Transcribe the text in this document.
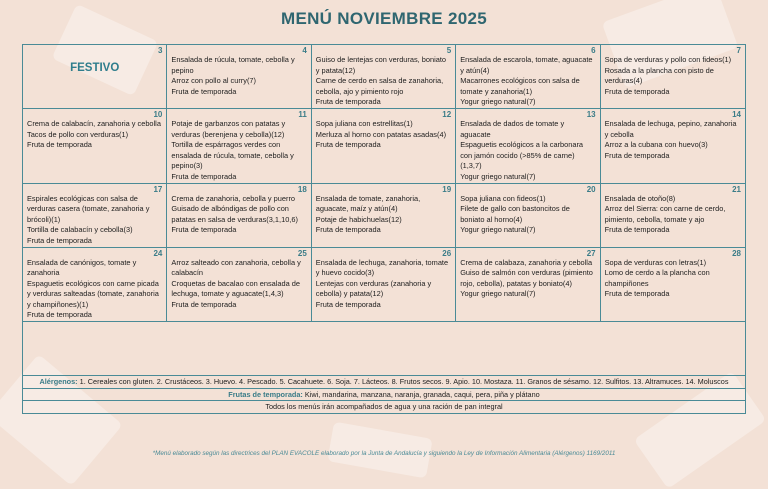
MENÚ NOVIEMBRE 2025
3
FESTIVO
4
Ensalada de rúcula, tomate, cebolla y pepino
Arroz con pollo al curry(7)
Fruta de temporada
5
Guiso de lentejas con verduras, boniato y patata(12)
Carne de cerdo en salsa de zanahoria, cebolla, ajo y pimiento rojo
Fruta de temporada
6
Ensalada de escarola, tomate, aguacate y atún(4)
Macarrones ecológicos con salsa de tomate y zanahoria(1)
Yogur griego natural(7)
7
Sopa de verduras y pollo con fideos(1)
Rosada a la plancha con pisto de verduras(4)
Fruta de temporada
10
Crema de calabacín, zanahoria y cebolla
Tacos de pollo con verduras(1)
Fruta de temporada
11
Potaje de garbanzos con patatas y verduras (berenjena y cebolla)(12)
Tortilla de espárragos verdes con ensalada de rúcula, tomate, cebolla y pepino(3)
Fruta de temporada
12
Sopa juliana con estrellitas(1)
Merluza al horno con patatas asadas(4)
Fruta de temporada
13
Ensalada de dados de tomate y aguacate
Espaguetis ecológicos a la carbonara con jamón cocido (>85% de carne)(1,3,7)
Yogur griego natural(7)
14
Ensalada de lechuga, pepino, zanahoria y cebolla
Arroz a la cubana con huevo(3)
Fruta de temporada
17
Espirales ecológicas con salsa de verduras casera (tomate, zanahoria y brócoli)(1)
Tortilla de calabacín y cebolla(3)
Fruta de temporada
18
Crema de zanahoria, cebolla y puerro
Guisado de albóndigas de pollo con patatas en salsa de verduras(3,1,10,6)
Fruta de temporada
19
Ensalada de tomate, zanahoria, aguacate, maíz y atún(4)
Potaje de habichuelas(12)
Fruta de temporada
20
Sopa juliana con fideos(1)
Filete de gallo con bastoncitos de boniato al horno(4)
Yogur griego natural(7)
21
Ensalada de otoño(8)
Arroz del Sierra: con carne de cerdo, pimiento, cebolla, tomate y ajo
Fruta de temporada
24
Ensalada de canónigos, tomate y zanahoria
Espaguetis ecológicos con carne picada y verduras salteadas (tomate, zanahoria y champiñones)(1)
Fruta de temporada
25
Arroz salteado con zanahoria, cebolla y calabacín
Croquetas de bacalao con ensalada de lechuga, tomate y aguacate(1,4,3)
Fruta de temporada
26
Ensalada de lechuga, zanahoria, tomate y huevo cocido(3)
Lentejas con verduras (zanahoria y cebolla) y patata(12)
Fruta de temporada
27
Crema de calabaza, zanahoria y cebolla
Guiso de salmón con verduras (pimiento rojo, cebolla), patatas y boniato(4)
Yogur griego natural(7)
28
Sopa de verduras con letras(1)
Lomo de cerdo a la plancha con champiñones
Fruta de temporada
Alérgenos: 1. Cereales con gluten. 2. Crustáceos. 3. Huevo. 4. Pescado. 5. Cacahuete. 6. Soja. 7. Lácteos. 8. Frutos secos. 9. Apio. 10. Mostaza. 11. Granos de sésamo. 12. Sulfitos. 13. Altramuces. 14. Moluscos
Frutas de temporada: Kiwi, mandarina, manzana, naranja, granada, caqui, pera, piña y plátano
Todos los menús irán acompañados de agua y una ración de pan integral
*Menú elaborado según las directrices del PLAN EVACOLE elaborado por la Junta de Andalucía y siguiendo la Ley de Información Alimentaria (Alérgenos) 1169/2011
